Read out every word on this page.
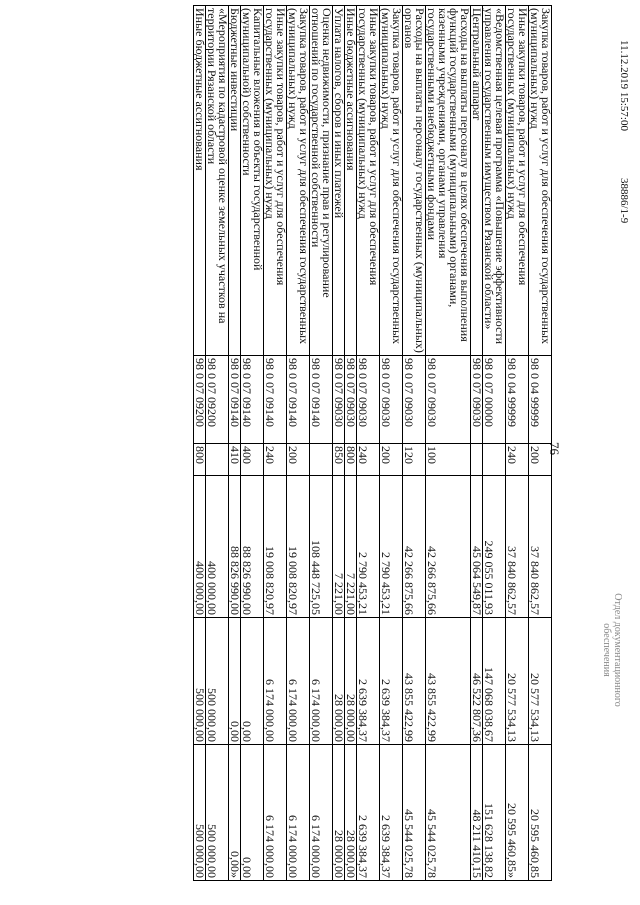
11.12.2019 15:57:00
38886/1-9
Отдел документационного
обеспечения
76
Закупка товаров, работ и услуг для обеспечения государственных (муниципальных) нужд	98 0 04 99999	200	37 840 862,57	20 577 534,13	20 595 460,85
Иные закупки товаров, работ и услуг для обеспечения государственных (муниципальных) нужд	98 0 04 99999	240	37 840 862,57	20 577 534,13	20 595 460,85»
«Ведомственная целевая программа «Повышение эффективности управления государственным имуществом Рязанской области»	98 0 07 00000		249 055 011,93	147 068 038,67	151 628 138,82
Центральный аппарат	98 0 07 09030		45 064 549,87	46 522 807,36	48 211 410,15
Расходы на выплаты персоналу в целях обеспечения выполнения функций государственными (муниципальными) органами, казенными учреждениями, органами управления государственными внебюджетными фондами	98 0 07 09030	100	42 266 875,66	43 855 422,99	45 544 025,78
Расходы на выплаты персоналу государственных (муниципальных) органов	98 0 07 09030	120	42 266 875,66	43 855 422,99	45 544 025,78
Закупка товаров, работ и услуг для обеспечения государственных (муниципальных) нужд	98 0 07 09030	200	2 790 453,21	2 639 384,37	2 639 384,37
Иные закупки товаров, работ и услуг для обеспечения государственных (муниципальных) нужд	98 0 07 09030	240	2 790 453,21	2 639 384,37	2 639 384,37
Иные бюджетные ассигнования	98 0 07 09030	800	7 221,00	28 000,00	28 000,00
Уплата налогов, сборов и иных платежей	98 0 07 09030	850	7 221,00	28 000,00	28 000,00
Оценка недвижимости, признание прав и регулирование отношений по государственной собственности	98 0 07 09140		108 448 725,05	6 174 000,00	6 174 000,00
Закупка товаров, работ и услуг для обеспечения государственных (муниципальных) нужд	98 0 07 09140	200	19 008 820,97	6 174 000,00	6 174 000,00
Иные закупки товаров, работ и услуг для обеспечения государственных (муниципальных) нужд	98 0 07 09140	240	19 008 820,97	6 174 000,00	6 174 000,00
Капитальные вложения в объекты государственной (муниципальной) собственности	98 0 07 09140	400	88 826 990,00	0,00	0,00
Бюджетные инвестиции	98 0 07 09140	410	88 826 990,00	0,00	0,00»
«Мероприятия по кадастровой оценке земельных участков на территории Рязанской области	98 0 07 09200		400 000,00	500 000,00	500 000,00
Иные бюджетные ассигнования	98 0 07 09200	800	400 000,00	500 000,00	500 000,00
